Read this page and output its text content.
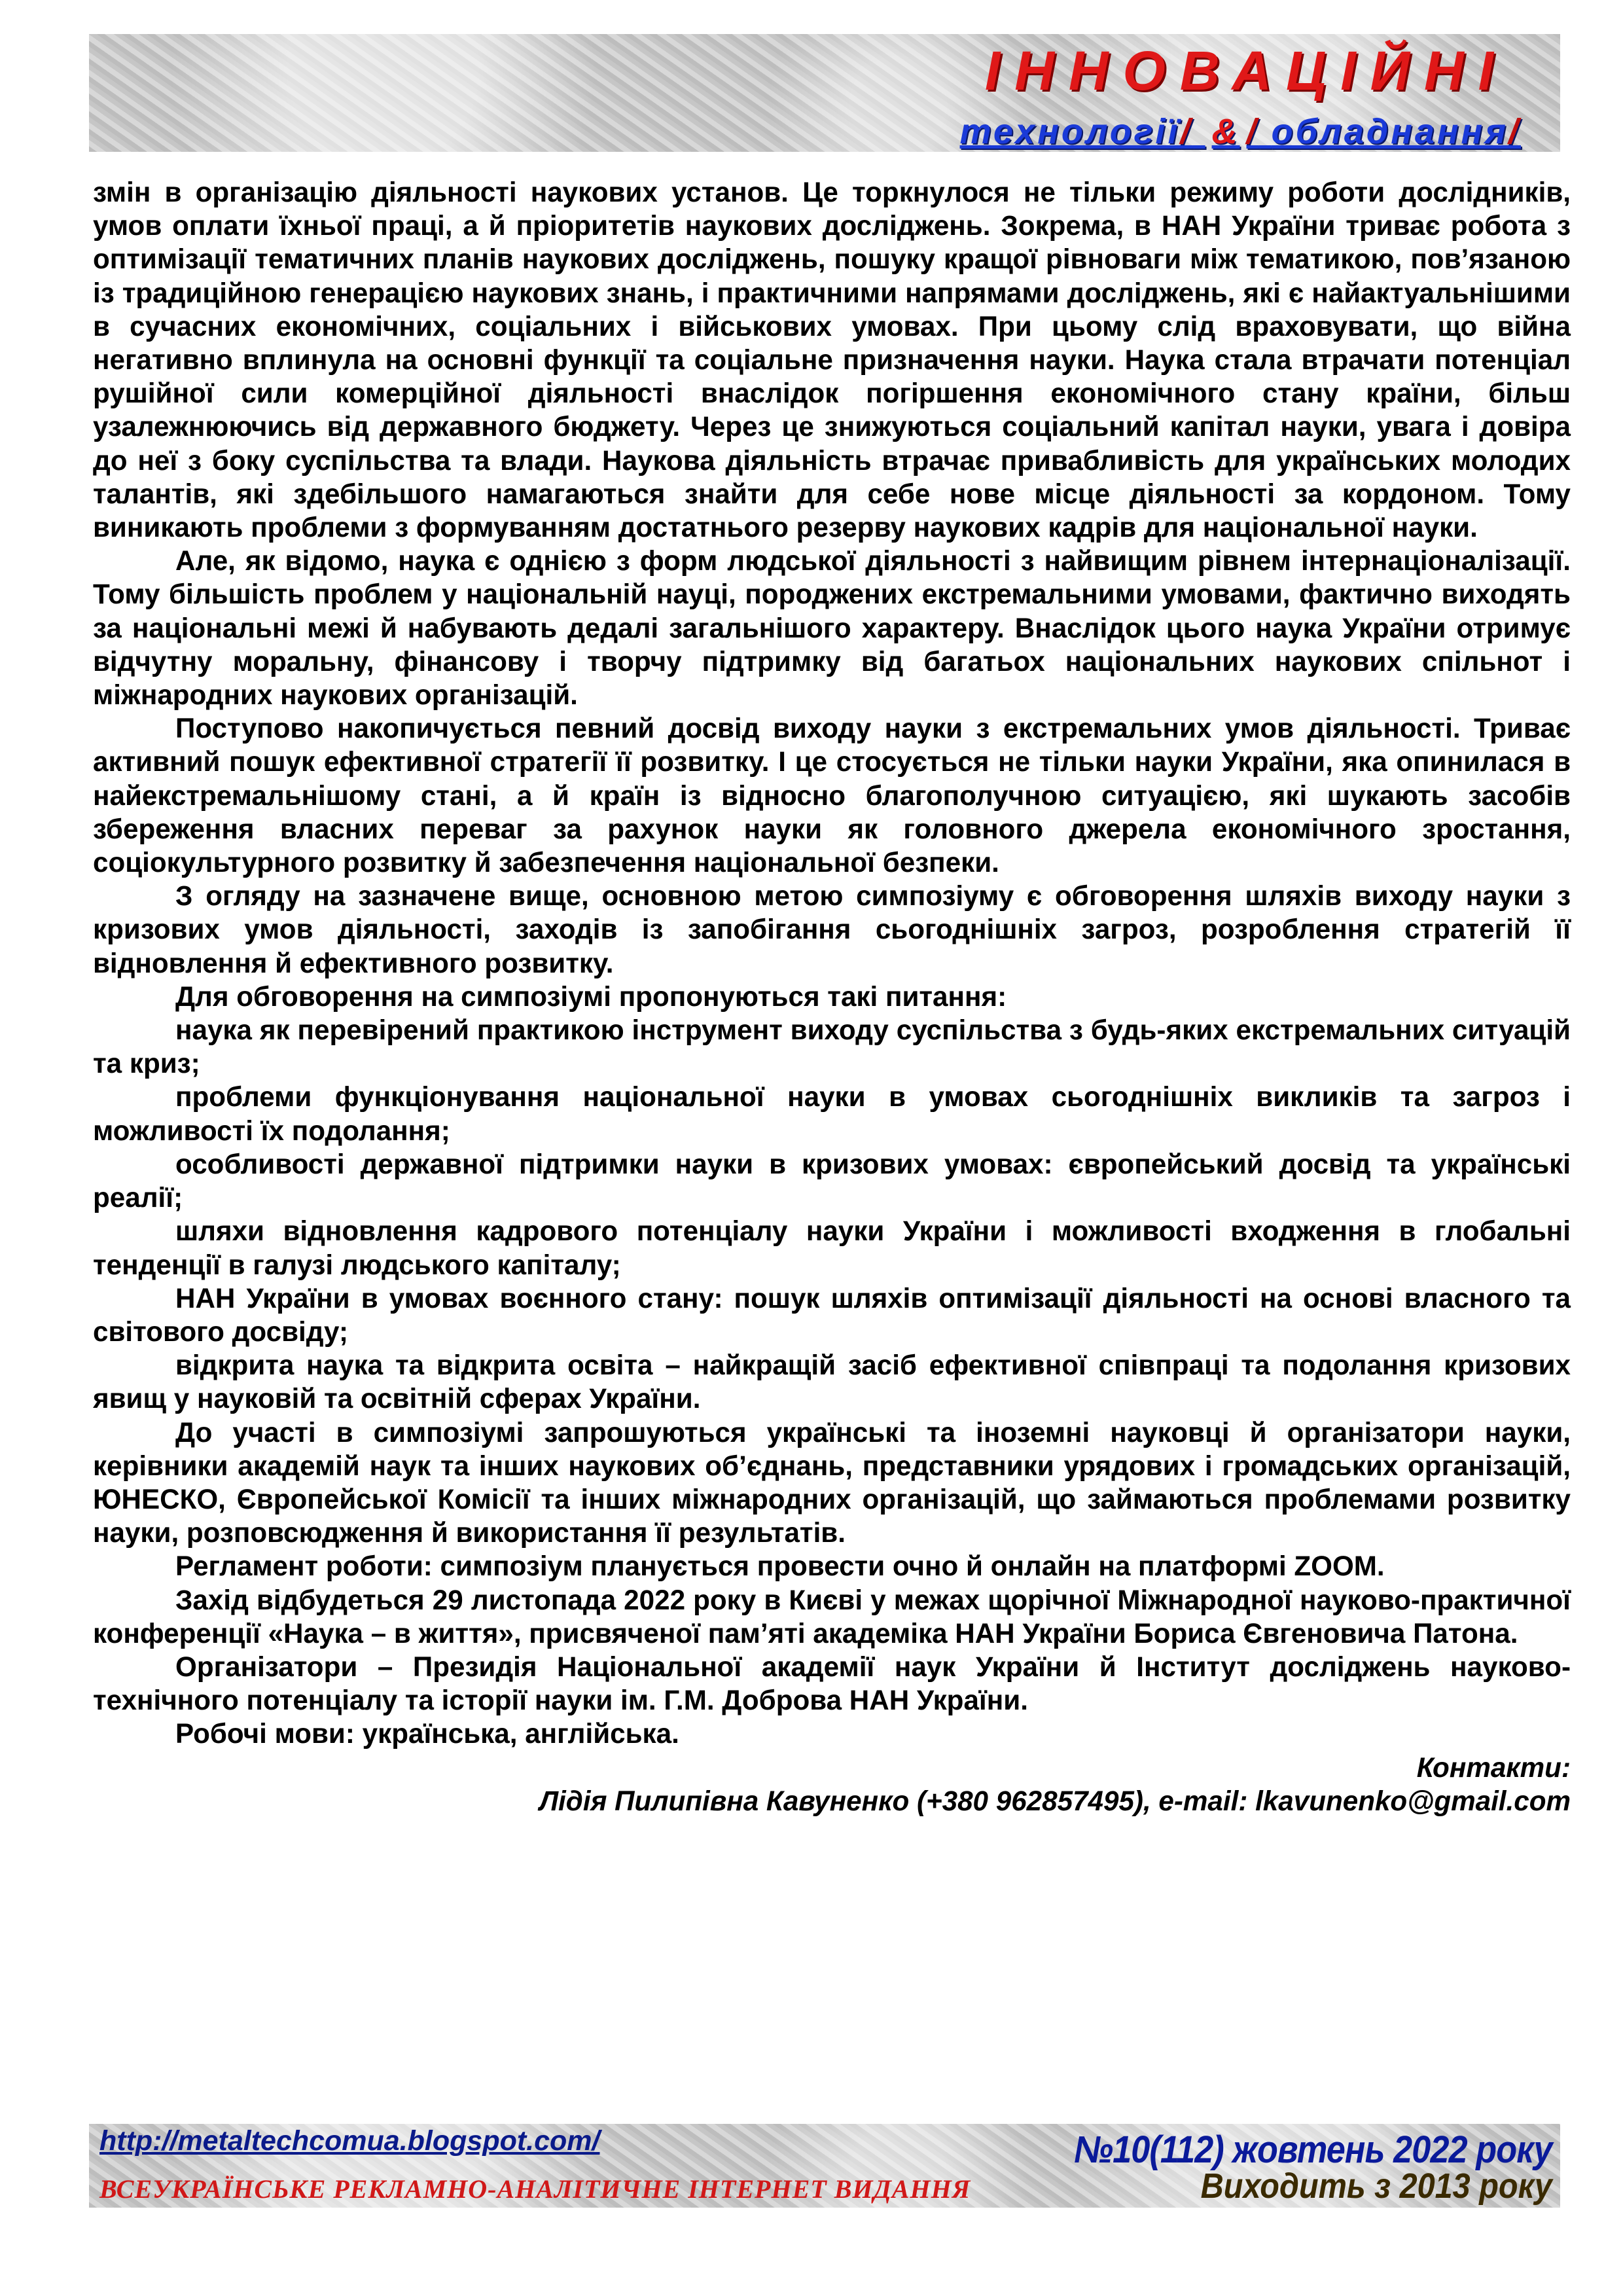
ІННОВАЦІЙНІ
технології/ & / обладнання/

змін в організацію діяльності наукових установ. Це торкнулося не тільки режиму роботи дослідників, умов оплати їхньої праці, а й пріоритетів наукових досліджень. Зокрема, в НАН України триває робота з оптимізації тематичних планів наукових досліджень, пошуку кращої рівноваги між тематикою, пов’язаною із традиційною генерацією наукових знань, і практичними напрямами досліджень, які є найактуальнішими в сучасних економічних, соціальних і військових умовах. При цьому слід враховувати, що війна негативно вплинула на основні функції та соціальне призначення науки. Наука стала втрачати потенціал рушійної сили комерційної діяльності внаслідок погіршення економічного стану країни, більш узалежнюючись від державного бюджету. Через це знижуються соціальний капітал науки, увага і довіра до неї з боку суспільства та влади. Наукова діяльність втрачає привабливість для українських молодих талантів, які здебільшого намагаються знайти для себе нове місце діяльності за кордоном. Тому виникають проблеми з формуванням достатнього резерву наукових кадрів для національної науки.

Але, як відомо, наука є однією з форм людської діяльності з найвищим рівнем інтернаціоналізації. Тому більшість проблем у національній науці, породжених екстремальними умовами, фактично виходять за національні межі й набувають дедалі загальнішого характеру. Внаслідок цього наука України отримує відчутну моральну, фінансову і творчу підтримку від багатьох національних наукових спільнот і міжнародних наукових організацій.

Поступово накопичується певний досвід виходу науки з екстремальних умов діяльності. Триває активний пошук ефективної стратегії її розвитку. І це стосується не тільки науки України, яка опинилася в найекстремальнішому стані, а й країн із відносно благополучною ситуацією, які шукають засобів збереження власних переваг за рахунок науки як головного джерела економічного зростання, соціокультурного розвитку й забезпечення національної безпеки.

З огляду на зазначене вище, основною метою симпозіуму є обговорення шляхів виходу науки з кризових умов діяльності, заходів із запобігання сьогоднішніх загроз, розроблення стратегій її відновлення й ефективного розвитку.

Для обговорення на симпозіумі пропонуються такі питання:

наука як перевірений практикою інструмент виходу суспільства з будь-яких екстремальних ситуацій та криз;

проблеми функціонування національної науки в умовах сьогоднішніх викликів та загроз і можливості їх подолання;

особливості державної підтримки науки в кризових умовах: європейський досвід та українські реалії;

шляхи відновлення кадрового потенціалу науки України і можливості входження в глобальні тенденції в галузі людського капіталу;

НАН України в умовах воєнного стану: пошук шляхів оптимізації діяльності на основі власного та світового досвіду;

відкрита наука та відкрита освіта – найкращій засіб ефективної співпраці та подолання кризових явищ у науковій та освітній сферах України.

До участі в симпозіумі запрошуються українські та іноземні науковці й організатори науки, керівники академій наук та інших наукових об’єднань, представники урядових і громадських організацій, ЮНЕСКО, Європейської Комісії та інших міжнародних організацій, що займаються проблемами розвитку науки, розповсюдження й використання її результатів.

Регламент роботи: симпозіум планується провести очно й онлайн на платформі ZOOM.

Захід відбудеться 29 листопада 2022 року в Києві у межах щорічної Міжнародної науково-практичної конференції «Наука – в життя», присвяченої пам’яті академіка НАН України Бориса Євгеновича Патона.

Організатори – Президія Національної академії наук України й Інститут досліджень науково-технічного потенціалу та історії науки ім. Г.М. Доброва НАН України.

Робочі мови: українська, англійська.

Контакти:

Лідія Пилипівна Кавуненко (+380 962857495), e-mail: lkavunenko@gmail.com

http://metaltechcomua.blogspot.com/
ВСЕУКРАЇНСЬКЕ РЕКЛАМНО-АНАЛІТИЧНЕ ІНТЕРНЕТ ВИДАННЯ
№10(112) жовтень 2022 року
Виходить з 2013 року
